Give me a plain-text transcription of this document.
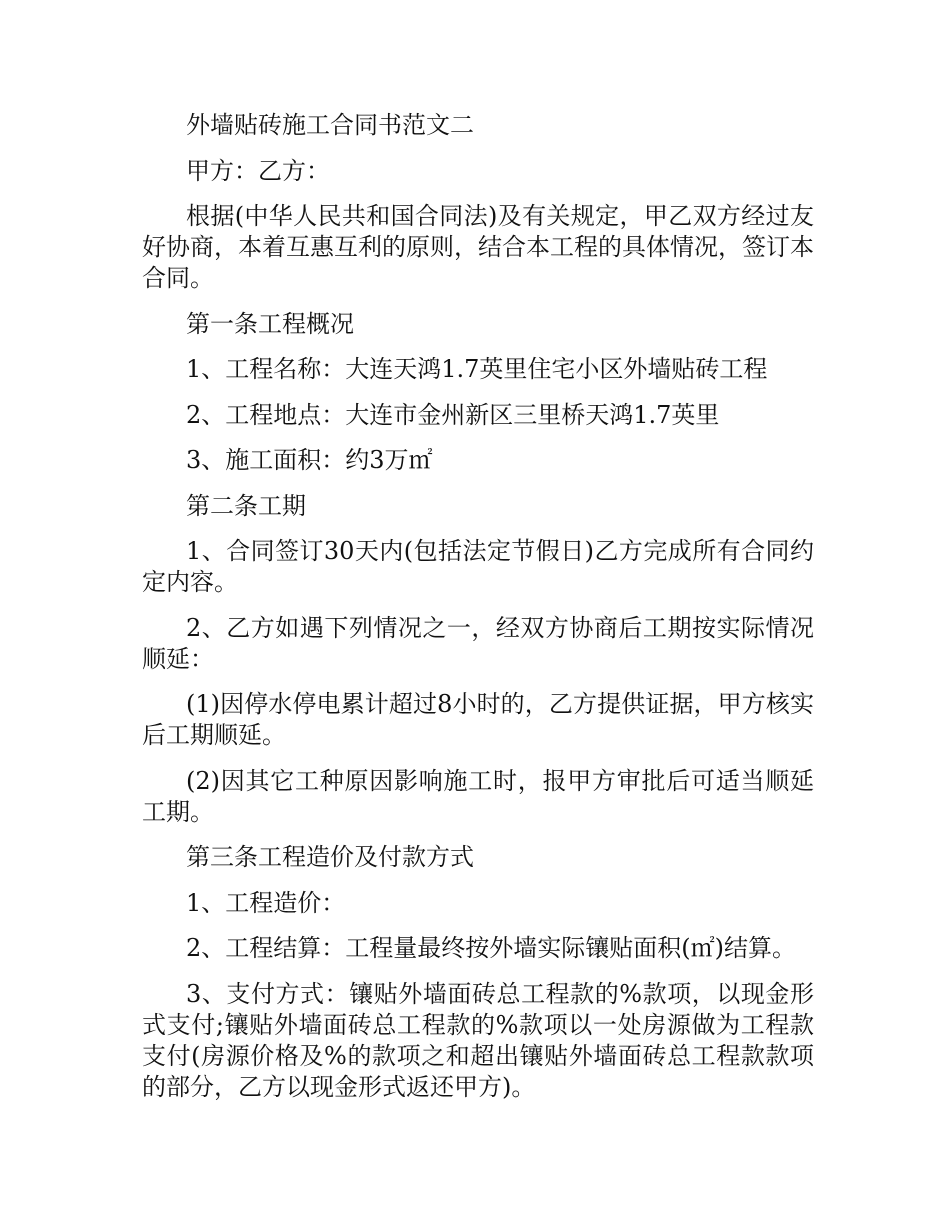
外墙贴砖施工合同书范文二

甲方：乙方：

根据(中华人民共和国合同法)及有关规定，甲乙双方经过友好协商，本着互惠互利的原则，结合本工程的具体情况，签订本合同。

第一条工程概况

1、工程名称：大连天鸿1.7英里住宅小区外墙贴砖工程

2、工程地点：大连市金州新区三里桥天鸿1.7英里

3、施工面积：约3万㎡

第二条工期

1、合同签订30天内(包括法定节假日)乙方完成所有合同约定内容。

2、乙方如遇下列情况之一，经双方协商后工期按实际情况顺延：

(1)因停水停电累计超过8小时的，乙方提供证据，甲方核实后工期顺延。

(2)因其它工种原因影响施工时，报甲方审批后可适当顺延工期。

第三条工程造价及付款方式

1、工程造价：

2、工程结算：工程量最终按外墙实际镶贴面积(㎡)结算。

3、支付方式：镶贴外墙面砖总工程款的%款项，以现金形式支付;镶贴外墙面砖总工程款的%款项以一处房源做为工程款支付(房源价格及%的款项之和超出镶贴外墙面砖总工程款款项的部分，乙方以现金形式返还甲方)。
